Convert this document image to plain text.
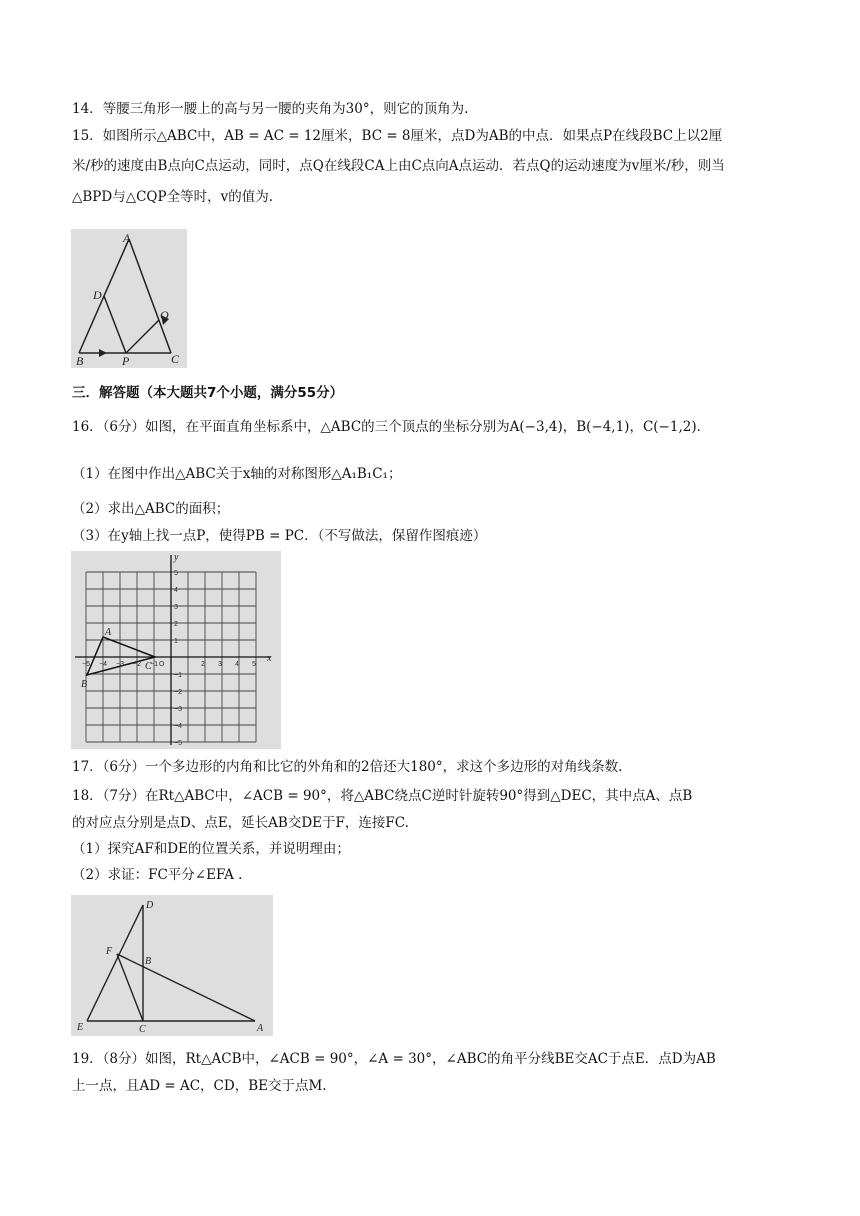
14．等腰三角形一腰上的高与另一腰的夹角为30°，则它的顶角为.
15．如图所示△ABC中，AB = AC = 12厘米，BC = 8厘米，点D为AB的中点．如果点P在线段BC上以2厘
米/秒的速度由B点向C点运动，同时，点Q在线段CA上由C点向A点运动．若点Q的运动速度为v厘米/秒，则当
△BPD与△CQP全等时，v的值为.
A
D
B	P	C
Q
三．解答题（本大题共7个小题，满分55分）
16．（6分）如图，在平面直角坐标系中，△ABC的三个顶点的坐标分别为A(−3,4)，B(−4,1)，C(−1,2)．
（1）在图中作出△ABC关于x轴的对称图形△A₁B₁C₁；
（2）求出△ABC的面积；
（3）在y轴上找一点P，使得PB = PC．（不写做法，保留作图痕迹）
A
B
C
x
y
O
−5 −4 −3 −2 −1	2 3 4 5
5
4
3
2
1
−1
−2
−3
−4
−5
17．（6分）一个多边形的内角和比它的外角和的2倍还大180°，求这个多边形的对角线条数.
18．（7分）在Rt△ABC中，∠ACB = 90°，将△ABC绕点C逆时针旋转90°得到△DEC，其中点A、点B
的对应点分别是点D、点E，延长AB交DE于F，连接FC.
（1）探究AF和DE的位置关系，并说明理由；
（2）求证：FC平分∠EFA .
D
F
B
E	C	A
19．（8分）如图，Rt△ACB中，∠ACB = 90°，∠A = 30°，∠ABC的角平分线BE交AC于点E．点D为AB
上一点，且AD = AC，CD，BE交于点M.
